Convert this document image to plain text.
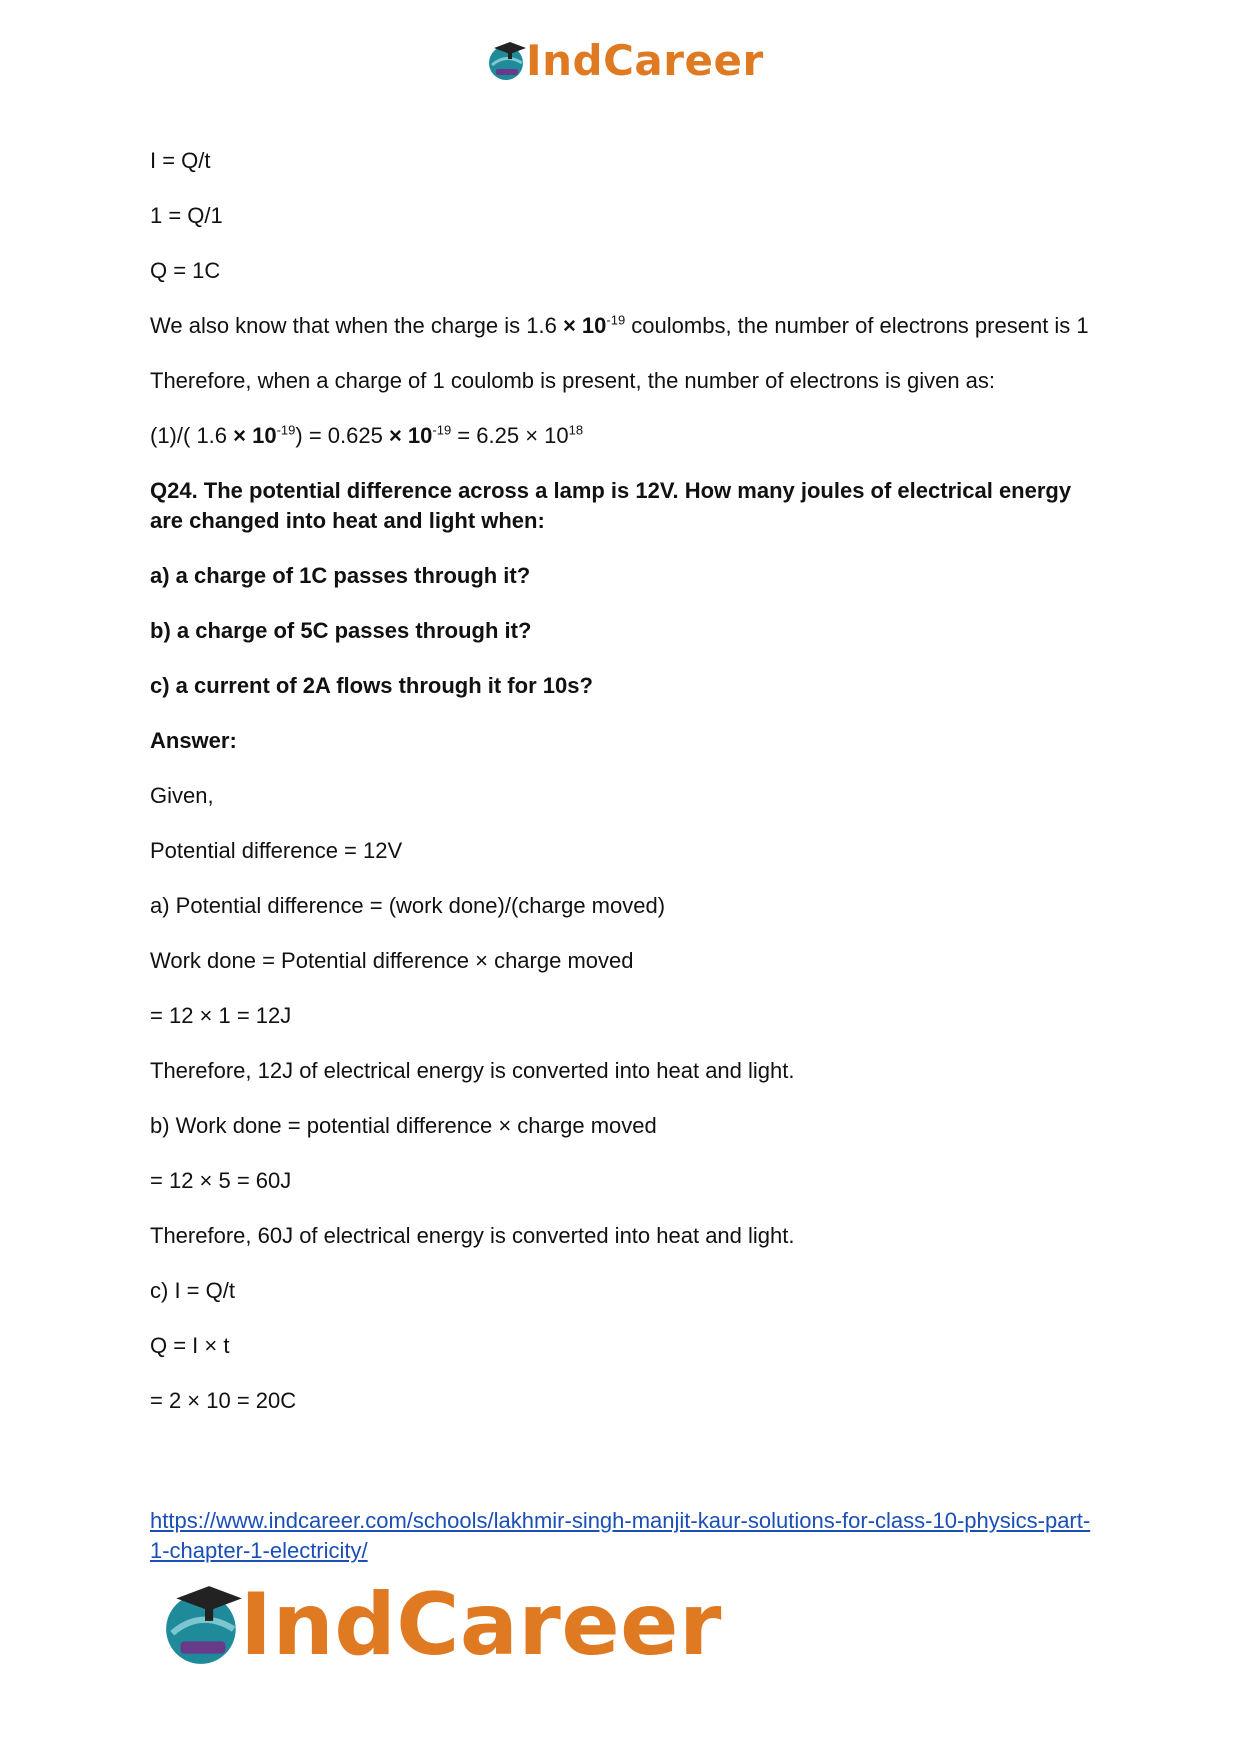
IndCareer

I = Q/t

1 = Q/1

Q = 1C

We also know that when the charge is $1.6 \times 10^{-19}$ coulombs, the number of electrons present is 1

Therefore, when a charge of 1 coulomb is present, the number of electrons is given as:

(1)/( $1.6 \times 10^{-19}) = 0.625 \times 10^{-19} = 6.25 \times 10^{18}$

Q24. The potential difference across a lamp is 12V. How many joules of electrical energy are changed into heat and light when:

a) a charge of 1C passes through it?

b) a charge of 5C passes through it?

c) a current of 2A flows through it for 10s?

Answer:

Given,

Potential difference = 12V

a) Potential difference = (work done)/(charge moved)

Work done = Potential difference × charge moved

= 12 × 1 = 12J

Therefore, 12J of electrical energy is converted into heat and light.

b) Work done = potential difference × charge moved

= 12 × 5 = 60J

Therefore, 60J of electrical energy is converted into heat and light.

c) I = Q/t

Q = I × t

= 2 × 10 = 20C

https://www.indcareer.com/schools/lakhmir-singh-manjit-kaur-solutions-for-class-10-physics-part-1-chapter-1-electricity/
IndCareer
